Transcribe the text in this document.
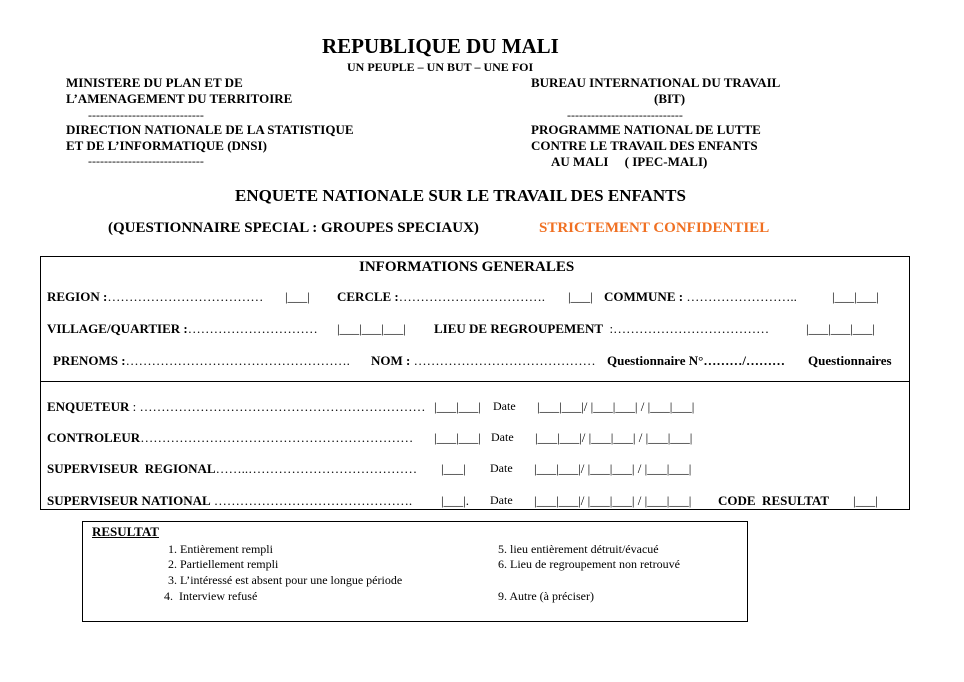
REPUBLIQUE DU MALI
UN PEUPLE – UN BUT – UNE FOI
MINISTERE DU PLAN ET DE
L’AMENAGEMENT DU TERRITOIRE
-----------------------------
DIRECTION NATIONALE DE LA STATISTIQUE
ET DE L’INFORMATIQUE (DNSI)
-----------------------------
BUREAU INTERNATIONAL DU TRAVAIL
(BIT)
-----------------------------
PROGRAMME NATIONAL DE LUTTE
CONTRE LE TRAVAIL DES ENFANTS
AU MALI     ( IPEC-MALI)
ENQUETE NATIONALE SUR LE TRAVAIL DES ENFANTS
(QUESTIONNAIRE SPECIAL : GROUPES SPECIAUX)	STRICTEMENT CONFIDENTIEL
INFORMATIONS GENERALES
REGION :……………………………… |___| CERCLE :……………………………. |___| COMMUNE : ……………………..	|___|___|
VILLAGE/QUARTIER :………………………… |___|___|___| LIEU DE REGROUPEMENT  :………………………………	|___|___|___|
PRENOMS :……………………………………………. NOM : …………………………………… Questionnaire N°………/……… Questionnaires
ENQUETEUR : ………………………………………………………… |___|___| Date |___|___|/ |___|___| / |___|___|
CONTROLEUR……………………………………………………… |___|___| Date |___|___|/ |___|___| / |___|___|
SUPERVISEUR  REGIONAL……..………………………………… |___| Date |___|___|/ |___|___| / |___|___|
SUPERVISEUR NATIONAL ………………………………………. |___|. Date |___|___|/ |___|___| / |___|___| CODE  RESULTAT |___|
RESULTAT
1. Entièrement rempli
2. Partiellement rempli
3. L’intéressé est absent pour une longue période
4.  Interview refusé
5. lieu entièrement détruit/évacué
6. Lieu de regroupement non retrouvé
9. Autre (à préciser)
